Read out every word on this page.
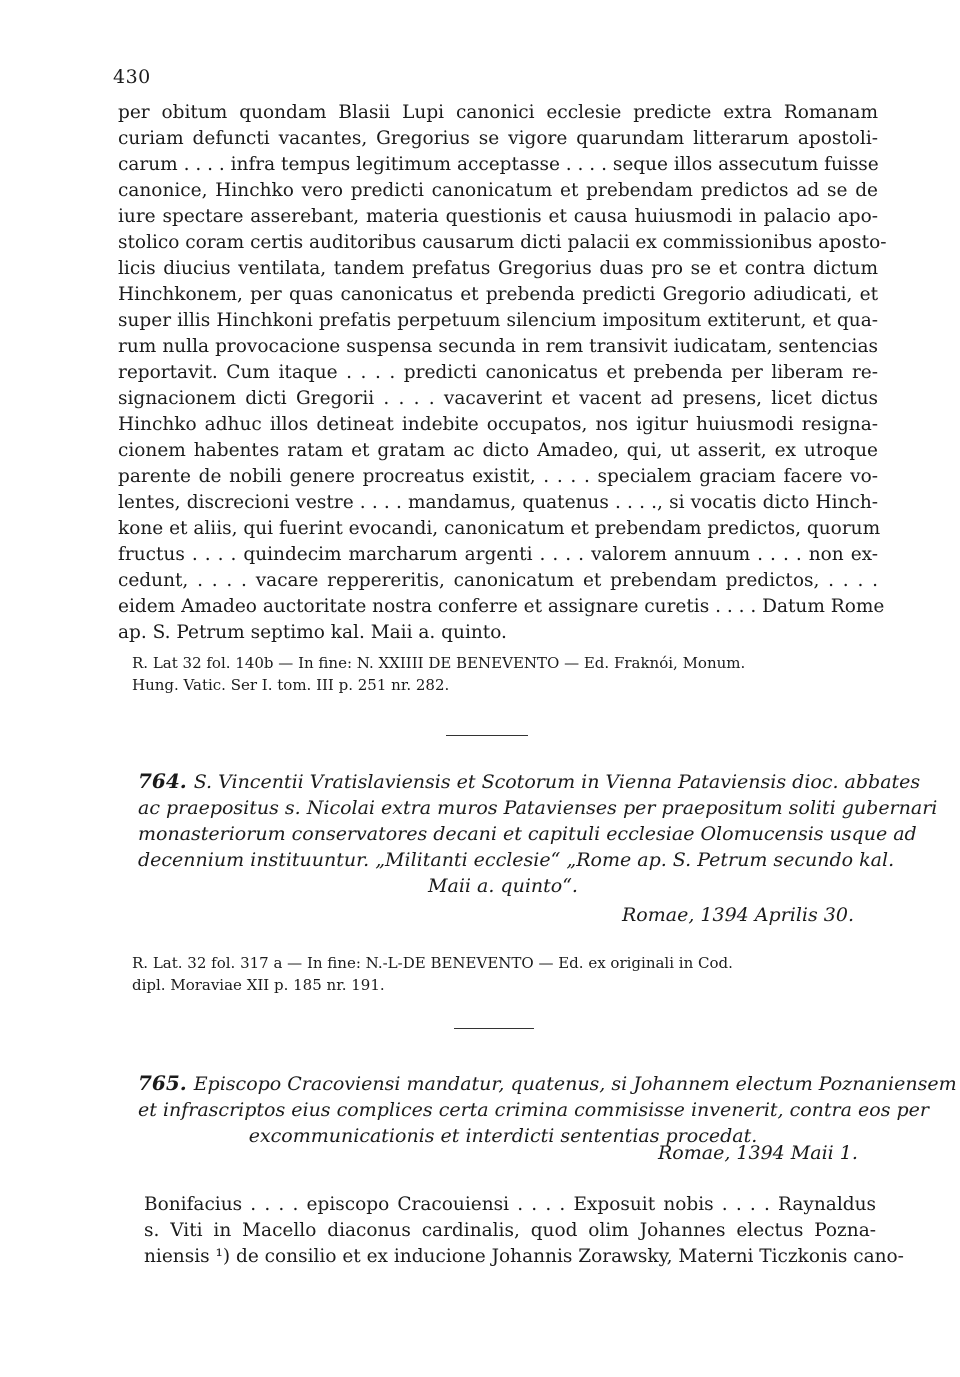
430
per obitum quondam Blasii Lupi canonici ecclesie predicte extra Romanam
curiam defuncti vacantes, Gregorius se vigore quarundam litterarum apostoli-
carum . . . . infra tempus legitimum acceptasse . . . . seque illos assecutum fuisse
canonice, Hinchko vero predicti canonicatum et prebendam predictos ad se de
iure spectare asserebant, materia questionis et causa huiusmodi in palacio apo-
stolico coram certis auditoribus causarum dicti palacii ex commissionibus aposto-
licis diucius ventilata, tandem prefatus Gregorius duas pro se et contra dictum
Hinchkonem, per quas canonicatus et prebenda predicti Gregorio adiudicati, et
super illis Hinchkoni prefatis perpetuum silencium impositum extiterunt, et qua-
rum nulla provocacione suspensa secunda in rem transivit iudicatam, sentencias
reportavit. Cum itaque . . . . predicti canonicatus et prebenda per liberam re-
signacionem dicti Gregorii . . . . vacaverint et vacent ad presens, licet dictus
Hinchko adhuc illos detineat indebite occupatos, nos igitur huiusmodi resigna-
cionem habentes ratam et gratam ac dicto Amadeo, qui, ut asserit, ex utroque
parente de nobili genere procreatus existit, . . . . specialem graciam facere vo-
lentes, discrecioni vestre . . . . mandamus, quatenus . . . ., si vocatis dicto Hinch-
kone et aliis, qui fuerint evocandi, canonicatum et prebendam predictos, quorum
fructus . . . . quindecim marcharum argenti . . . . valorem annuum . . . . non ex-
cedunt, . . . . vacare reppereritis, canonicatum et prebendam predictos, . . . .
eidem Amadeo auctoritate nostra conferre et assignare curetis . . . . Datum Rome
ap. S. Petrum septimo kal. Maii a. quinto.
R. Lat 32 fol. 140b — In fine: N. XXIIII DE BENEVENTO — Ed. Fraknói, Monum.
Hung. Vatic. Ser I. tom. III p. 251 nr. 282.
764. S. Vincentii Vratislaviensis et Scotorum in Vienna Pataviensis dioc. abbates
ac praepositus s. Nicolai extra muros Patavienses per praepositum soliti gubernari
monasteriorum conservatores decani et capituli ecclesiae Olomucensis usque ad
decennium instituuntur. „Militanti ecclesie“ „Rome ap. S. Petrum secundo kal.
Maii a. quinto“.
Romae, 1394 Aprilis 30.
R. Lat. 32 fol. 317 a — In fine: N.-L-DE BENEVENTO — Ed. ex originali in Cod.
dipl. Moraviae XII p. 185 nr. 191.
765. Episcopo Cracoviensi mandatur, quatenus, si Johannem electum Poznaniensem
et infrascriptos eius complices certa crimina commisisse invenerit, contra eos per
excommunicationis et interdicti sententias procedat.
Romae, 1394 Maii 1.
Bonifacius . . . . episcopo Cracouiensi . . . . Exposuit nobis . . . . Raynaldus
s. Viti in Macello diaconus cardinalis, quod olim Johannes electus Pozna-
niensis ¹) de consilio et ex inducione Johannis Zorawsky, Materni Ticzkonis cano-
